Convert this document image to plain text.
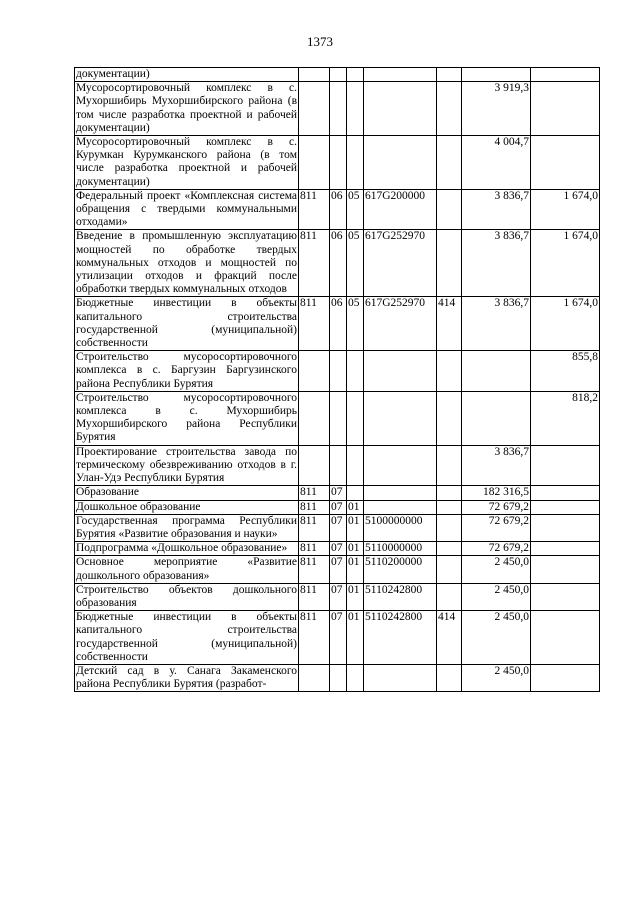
1373
документации)							
Мусоросортировочный комплекс в с. Мухоршибирь Мухоршибирского района (в том числе разработка проектной и рабочей документации)						3 919,3	
Мусоросортировочный комплекс в с. Курумкан Курумканского района (в том числе разработка проектной и рабочей документации)						4 004,7	
Федеральный проект «Комплексная система обращения с твердыми коммунальными отходами»	811	06	05	617G200000		3 836,7	1 674,0
Введение в промышленную эксплуатацию мощностей по обработке твердых коммунальных отходов и мощностей по утилизации отходов и фракций после обработки твердых коммунальных отходов	811	06	05	617G252970		3 836,7	1 674,0
Бюджетные инвестиции в объекты капитального строительства государственной (муниципальной) собственности	811	06	05	617G252970	414	3 836,7	1 674,0
Строительство мусоросортировочного комплекса в с. Баргузин Баргузинского района Республики Бурятия							855,8
Строительство мусоросортировочного комплекса в с. Мухоршибирь Мухоршибирского района Республики Бурятия							818,2
Проектирование строительства завода по термическому обезвреживанию отходов в г. Улан-Удэ Республики Бурятия						3 836,7	
Образование	811	07				182 316,5	
Дошкольное образование	811	07	01			72 679,2	
Государственная программа Республики Бурятия «Развитие образования и науки»	811	07	01	5100000000		72 679,2	
Подпрограмма «Дошкольное образование»	811	07	01	5110000000		72 679,2	
Основное мероприятие «Развитие дошкольного образования»	811	07	01	5110200000		2 450,0	
Строительство объектов дошкольного образования	811	07	01	5110242800		2 450,0	
Бюджетные инвестиции в объекты капитального строительства государственной (муниципальной) собственности	811	07	01	5110242800	414	2 450,0	
Детский сад в у. Санага Закаменского района Республики Бурятия (разработ-						2 450,0	
